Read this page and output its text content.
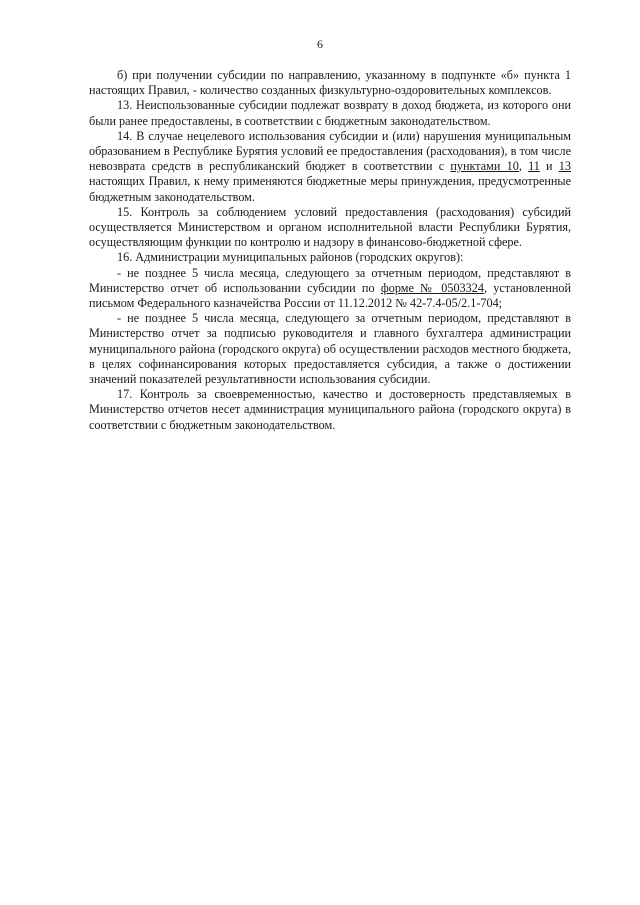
6

б) при получении субсидии по направлению, указанному в подпункте «б» пункта 1 настоящих Правил, - количество созданных физкультурно-оздоровительных комплексов.

13. Неиспользованные субсидии подлежат возврату в доход бюджета, из которого они были ранее предоставлены, в соответствии с бюджетным законодательством.

14. В случае нецелевого использования субсидии и (или) нарушения муниципальным образованием в Республике Бурятия условий ее предоставления (расходования), в том числе невозврата средств в республиканский бюджет в соответствии с пунктами 10, 11 и 13 настоящих Правил, к нему применяются бюджетные меры принуждения, предусмотренные бюджетным законодательством.

15. Контроль за соблюдением условий предоставления (расходования) субсидий осуществляется Министерством и органом исполнительной власти Республики Бурятия, осуществляющим функции по контролю и надзору в финансово-бюджетной сфере.

16. Администрации муниципальных районов (городских округов):

- не позднее 5 числа месяца, следующего за отчетным периодом, представляют в Министерство отчет об использовании субсидии по форме № 0503324, установленной письмом Федерального казначейства России от 11.12.2012 № 42-7.4-05/2.1-704;

- не позднее 5 числа месяца, следующего за отчетным периодом, представляют в Министерство отчет за подписью руководителя и главного бухгалтера администрации муниципального района (городского округа) об осуществлении расходов местного бюджета, в целях софинансирования которых предоставляется субсидия, а также о достижении значений показателей результативности использования субсидии.

17. Контроль за своевременностью, качество и достоверность представляемых в Министерство отчетов несет администрация муниципального района (городского округа) в соответствии с бюджетным законодательством.
